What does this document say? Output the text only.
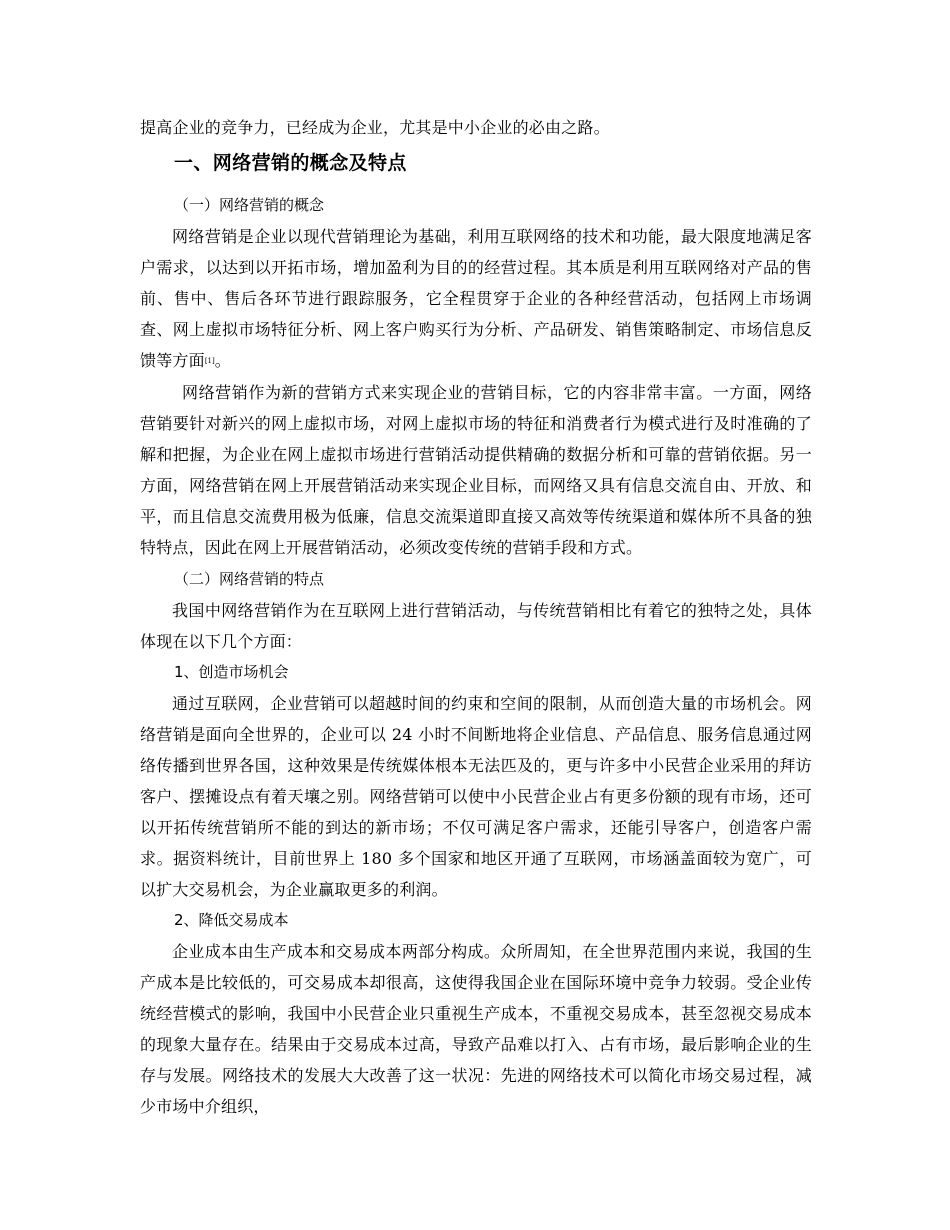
提高企业的竞争力，已经成为企业，尤其是中小企业的必由之路。

一、网络营销的概念及特点
（一）网络营销的概念

网络营销是企业以现代营销理论为基础，利用互联网络的技术和功能，最大限度地满足客户需求，以达到以开拓市场，增加盈利为目的的经营过程。其本质是利用互联网络对产品的售前、售中、售后各环节进行跟踪服务，它全程贯穿于企业的各种经营活动，包括网上市场调查、网上虚拟市场特征分析、网上客户购买行为分析、产品研发、销售策略制定、市场信息反馈等方面[1]。

网络营销作为新的营销方式来实现企业的营销目标，它的内容非常丰富。一方面，网络营销要针对新兴的网上虚拟市场，对网上虚拟市场的特征和消费者行为模式进行及时准确的了解和把握，为企业在网上虚拟市场进行营销活动提供精确的数据分析和可靠的营销依据。另一方面，网络营销在网上开展营销活动来实现企业目标，而网络又具有信息交流自由、开放、和平，而且信息交流费用极为低廉，信息交流渠道即直接又高效等传统渠道和媒体所不具备的独特特点，因此在网上开展营销活动，必须改变传统的营销手段和方式。

（二）网络营销的特点

我国中网络营销作为在互联网上进行营销活动，与传统营销相比有着它的独特之处，具体体现在以下几个方面：

1、创造市场机会

通过互联网，企业营销可以超越时间的约束和空间的限制，从而创造大量的市场机会。网络营销是面向全世界的，企业可以 24 小时不间断地将企业信息、产品信息、服务信息通过网络传播到世界各国，这种效果是传统媒体根本无法匹及的，更与许多中小民营企业采用的拜访客户、摆摊设点有着天壤之别。网络营销可以使中小民营企业占有更多份额的现有市场，还可以开拓传统营销所不能的到达的新市场；不仅可满足客户需求，还能引导客户，创造客户需求。据资料统计，目前世界上 180 多个国家和地区开通了互联网，市场涵盖面较为宽广，可以扩大交易机会，为企业赢取更多的利润。

2、降低交易成本

企业成本由生产成本和交易成本两部分构成。众所周知，在全世界范围内来说，我国的生产成本是比较低的，可交易成本却很高，这使得我国企业在国际环境中竞争力较弱。受企业传统经营模式的影响，我国中小民营企业只重视生产成本，不重视交易成本，甚至忽视交易成本的现象大量存在。结果由于交易成本过高，导致产品难以打入、占有市场，最后影响企业的生存与发展。网络技术的发展大大改善了这一状况：先进的网络技术可以简化市场交易过程，减少市场中介组织，
